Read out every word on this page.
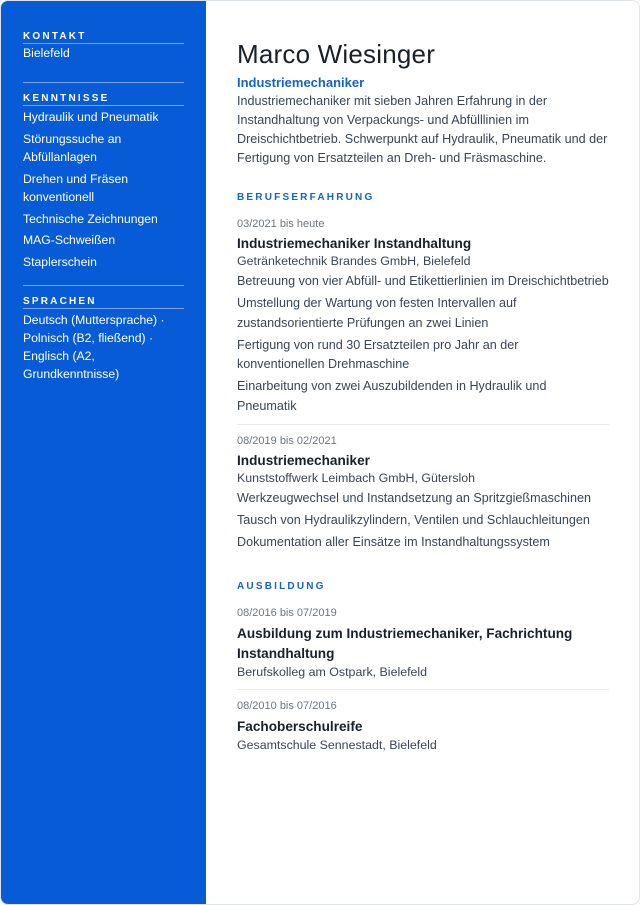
KONTAKT
Bielefeld
KENNTNISSE
Hydraulik und Pneumatik
Störungssuche an Abfüllanlagen
Drehen und Fräsen konventionell
Technische Zeichnungen
MAG-Schweißen
Staplerschein
SPRACHEN
Deutsch (Muttersprache) ·
Polnisch (B2, fließend) ·
Englisch (A2, Grundkenntnisse)
Marco Wiesinger
Industriemechaniker

Industriemechaniker mit sieben Jahren Erfahrung in der Instandhaltung von Verpackungs- und Abfülllinien im Dreischichtbetrieb. Schwerpunkt auf Hydraulik, Pneumatik und der Fertigung von Ersatzteilen an Dreh- und Fräsmaschine.

BERUFSERFAHRUNG
03/2021 bis heute
Industriemechaniker Instandhaltung
Getränketechnik Brandes GmbH, Bielefeld
Betreuung von vier Abfüll- und Etikettierlinien im Dreischichtbetrieb
Umstellung der Wartung von festen Intervallen auf zustandsorientierte Prüfungen an zwei Linien
Fertigung von rund 30 Ersatzteilen pro Jahr an der konventionellen Drehmaschine
Einarbeitung von zwei Auszubildenden in Hydraulik und Pneumatik
08/2019 bis 02/2021
Industriemechaniker
Kunststoffwerk Leimbach GmbH, Gütersloh
Werkzeugwechsel und Instandsetzung an Spritzgießmaschinen
Tausch von Hydraulikzylindern, Ventilen und Schlauchleitungen
Dokumentation aller Einsätze im Instandhaltungssystem
AUSBILDUNG
08/2016 bis 07/2019
Ausbildung zum Industriemechaniker, Fachrichtung Instandhaltung
Berufskolleg am Ostpark, Bielefeld
08/2010 bis 07/2016
Fachoberschulreife
Gesamtschule Sennestadt, Bielefeld
